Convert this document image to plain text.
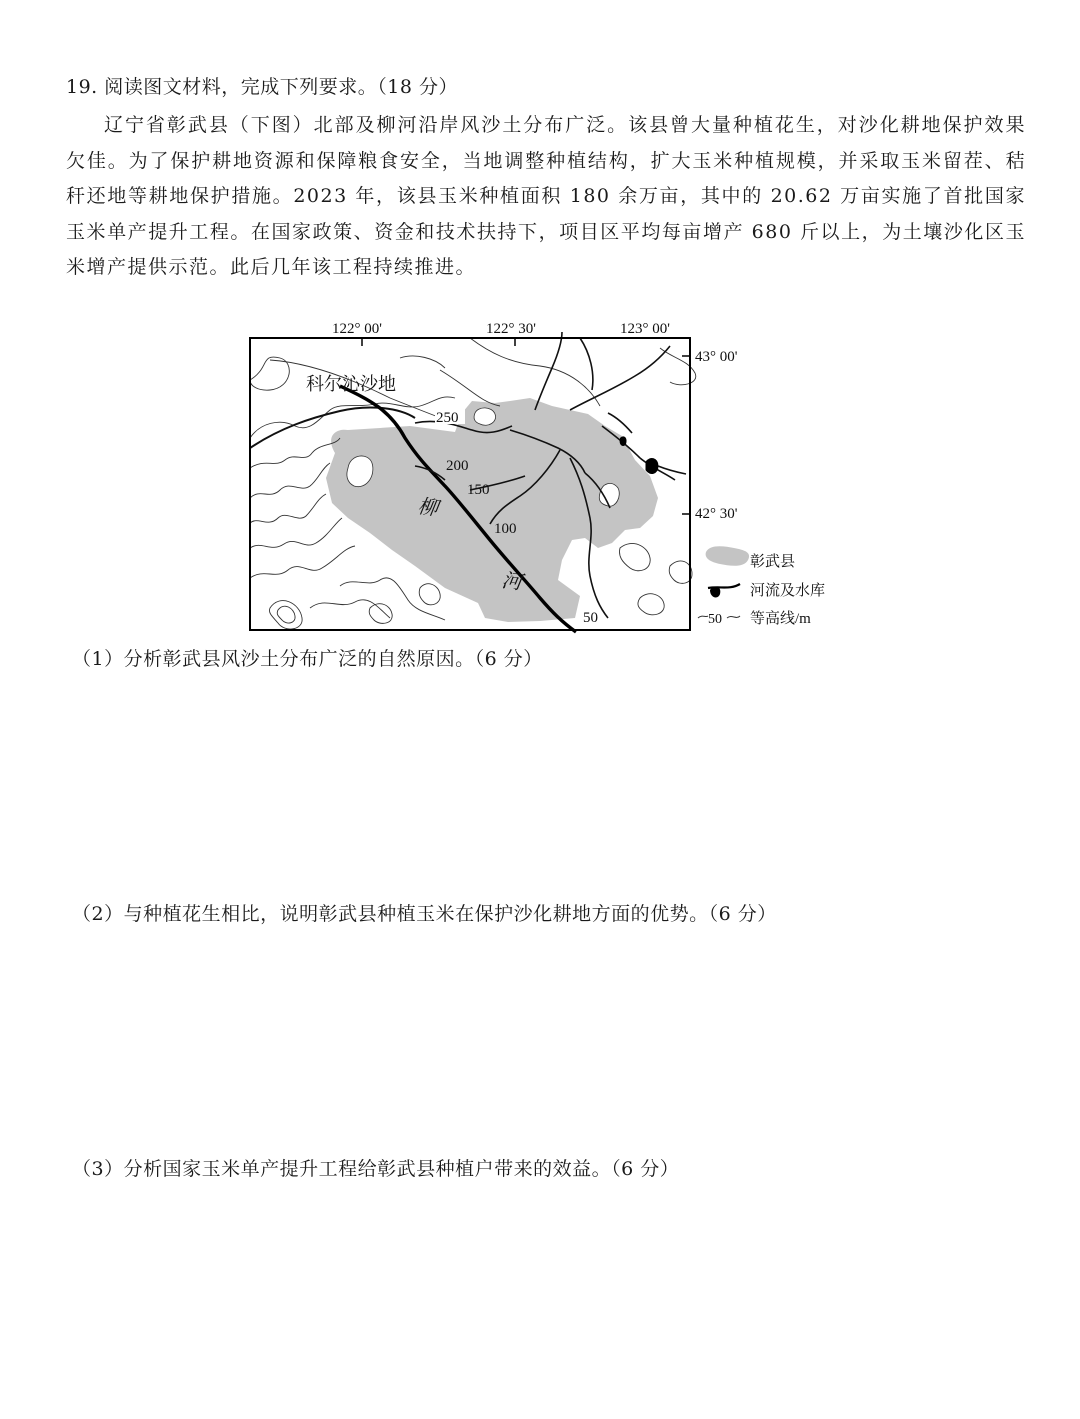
19. 阅读图文材料，完成下列要求。（18 分）

辽宁省彰武县（下图）北部及柳河沿岸风沙土分布广泛。该县曾大量种植花生，对沙化耕地保护效果欠佳。为了保护耕地资源和保障粮食安全，当地调整种植结构，扩大玉米种植规模，并采取玉米留茬、秸秆还地等耕地保护措施。2023 年，该县玉米种植面积 180 余万亩，其中的 20.62 万亩实施了首批国家玉米单产提升工程。在国家政策、资金和技术扶持下，项目区平均每亩增产 680 斤以上，为土壤沙化区玉米增产提供示范。此后几年该工程持续推进。

122° 00'	122° 30'	123° 00'
43° 00'
42° 30'
科尔沁沙地
柳
河
250
200
150
100
50
彰武县
河流及水库
50 等高线/m
（1）分析彰武县风沙土分布广泛的自然原因。（6 分）
（2）与种植花生相比，说明彰武县种植玉米在保护沙化耕地方面的优势。（6 分）
（3）分析国家玉米单产提升工程给彰武县种植户带来的效益。（6 分）
